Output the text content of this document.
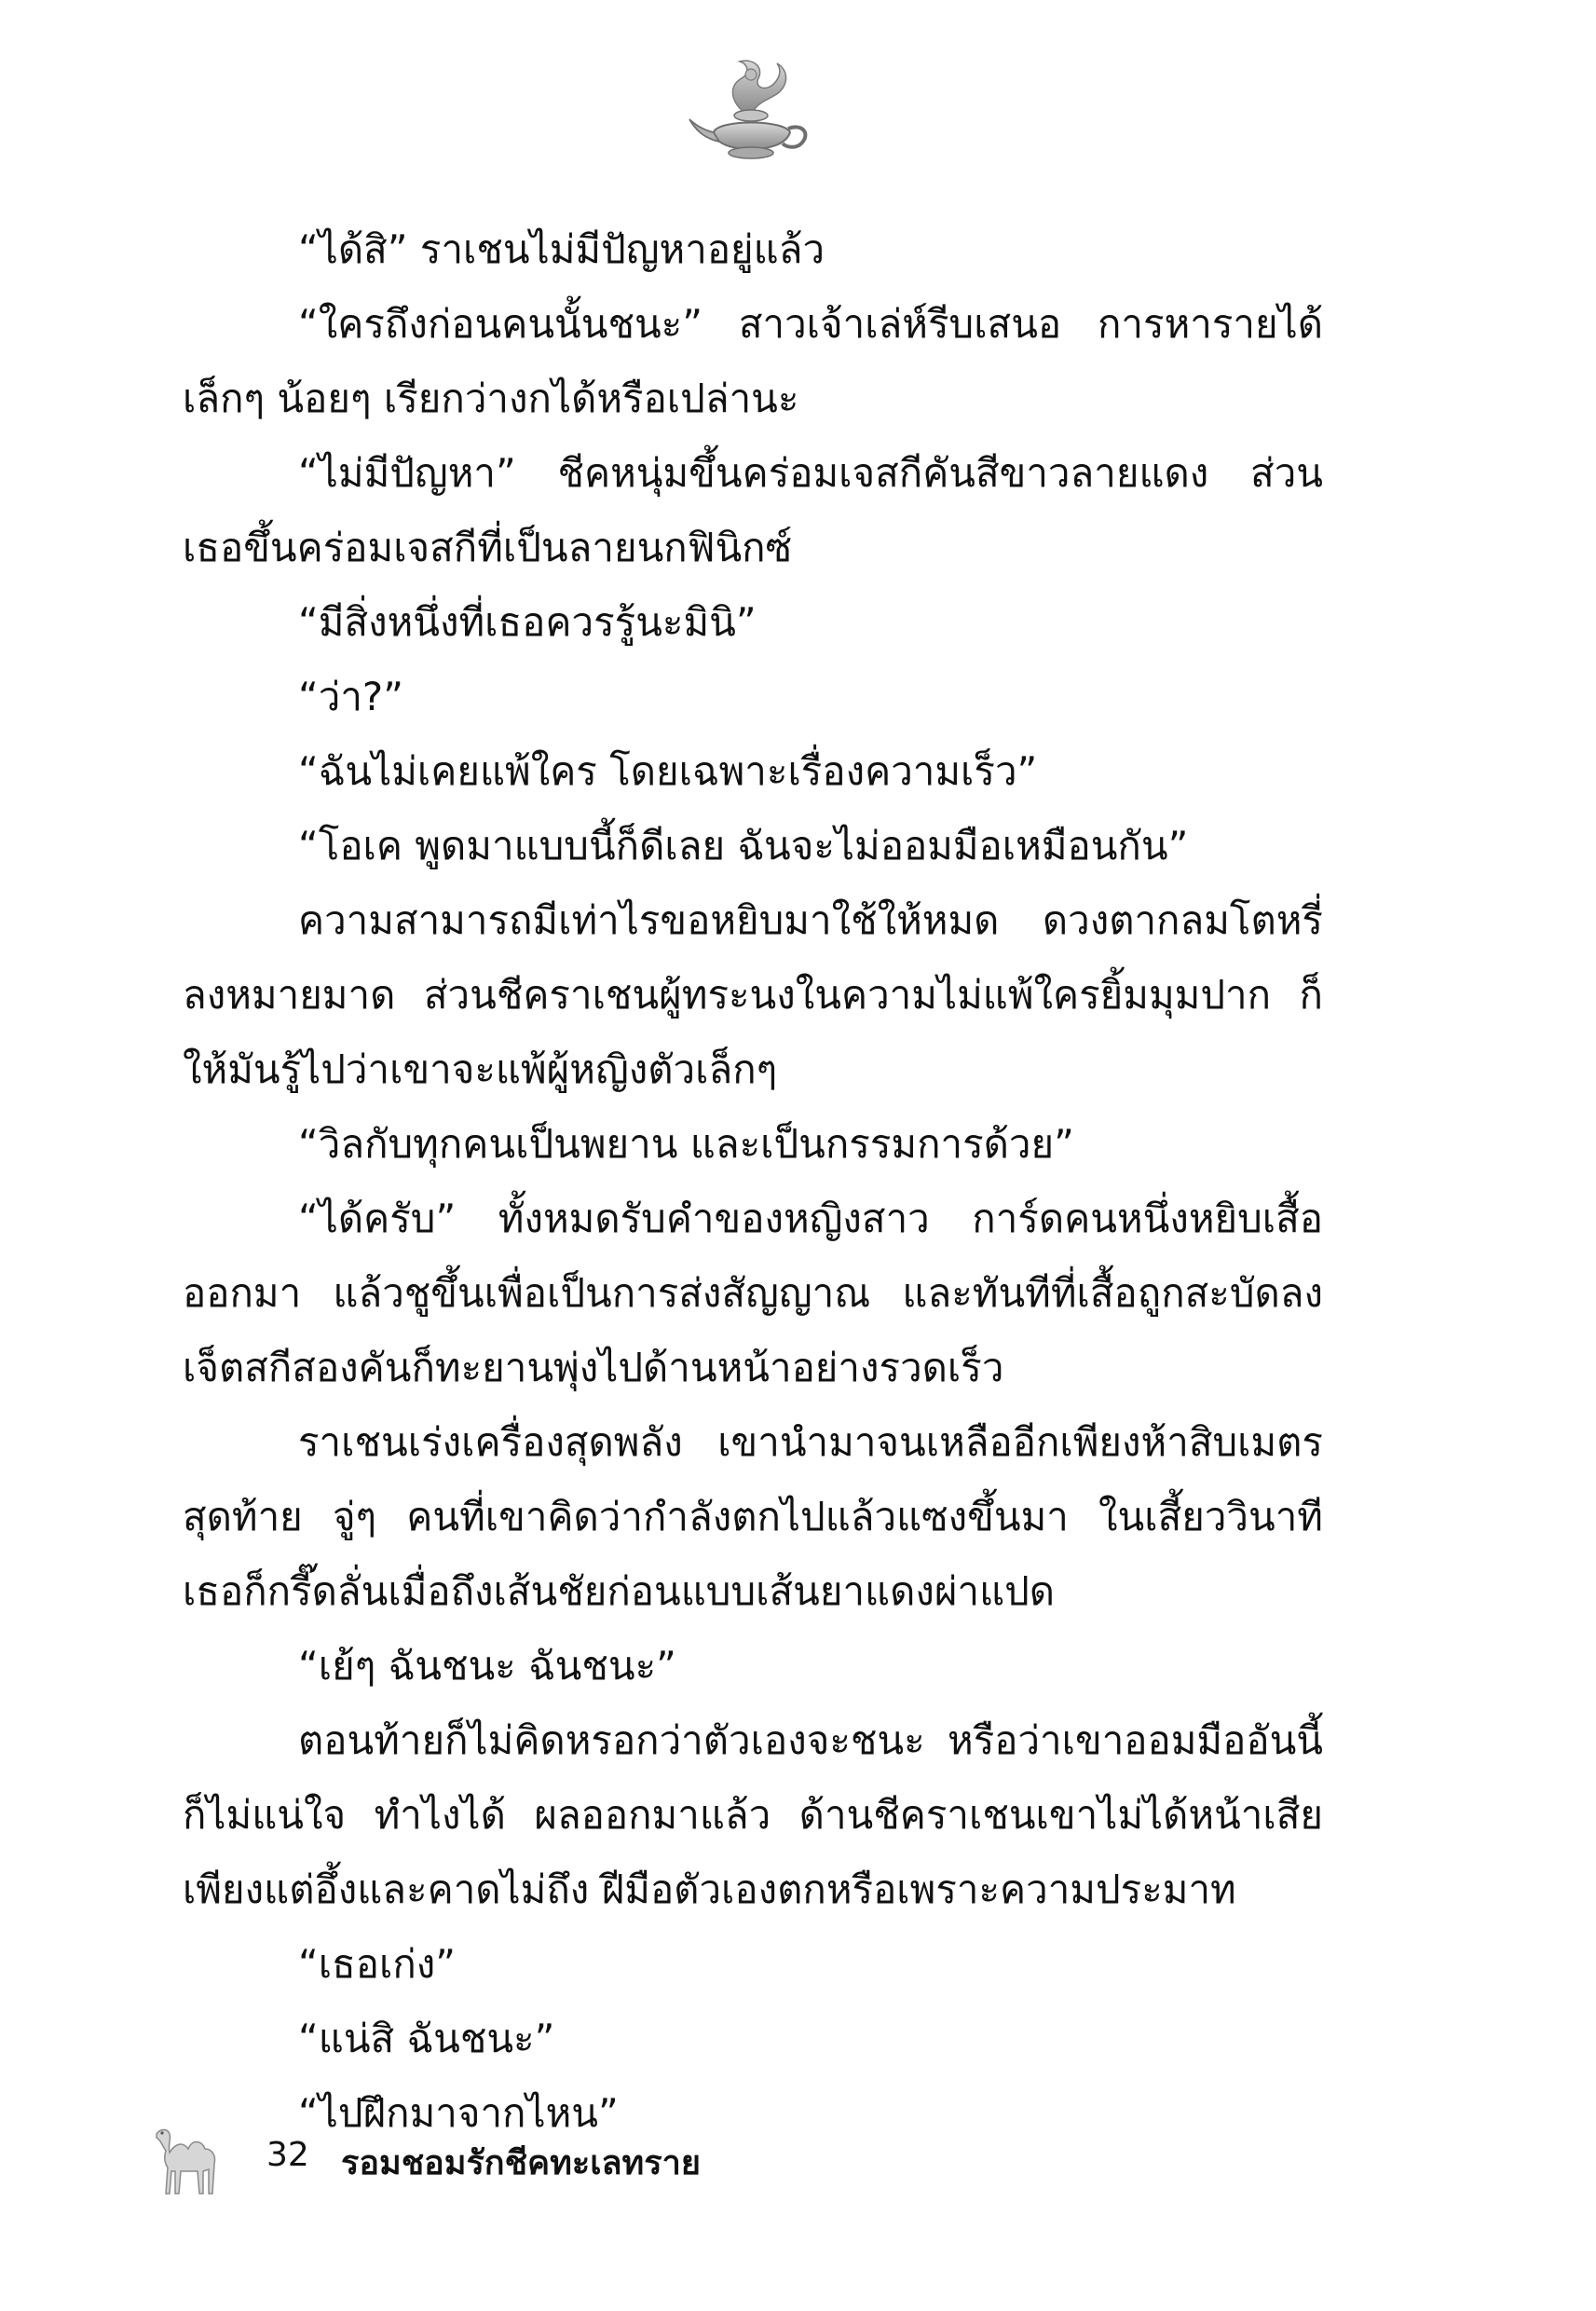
“ได้สิ” ราเชนไม่มีปัญหาอยู่แล้ว

“ใครถึงก่อนคนนั้นชนะ” สาวเจ้าเล่ห์รีบเสนอ การหารายได้เล็กๆ น้อยๆ เรียกว่างกได้หรือเปล่านะ

“ไม่มีปัญหา” ชีคหนุ่มขึ้นคร่อมเจสกีคันสีขาวลายแดง ส่วนเธอขึ้นคร่อมเจสกีที่เป็นลายนกฟินิกซ์

“มีสิ่งหนึ่งที่เธอควรรู้นะมินิ”

“ว่า?”

“ฉันไม่เคยแพ้ใคร โดยเฉพาะเรื่องความเร็ว”

“โอเค พูดมาแบบนี้ก็ดีเลย ฉันจะไม่ออมมือเหมือนกัน”

ความสามารถมีเท่าไรขอหยิบมาใช้ให้หมด ดวงตากลมโตหรี่ลงหมายมาด ส่วนชีคราเชนผู้ทระนงในความไม่แพ้ใครยิ้มมุมปาก ก็ให้มันรู้ไปว่าเขาจะแพ้ผู้หญิงตัวเล็กๆ

“วิลกับทุกคนเป็นพยาน และเป็นกรรมการด้วย”

“ได้ครับ” ทั้งหมดรับคำของหญิงสาว การ์ดคนหนึ่งหยิบเสื้อออกมา แล้วชูขึ้นเพื่อเป็นการส่งสัญญาณ และทันทีที่เสื้อถูกสะบัดลงเจ็ตสกีสองคันก็ทะยานพุ่งไปด้านหน้าอย่างรวดเร็ว

ราเชนเร่งเครื่องสุดพลัง เขานำมาจนเหลืออีกเพียงห้าสิบเมตรสุดท้าย จู่ๆ คนที่เขาคิดว่ากำลังตกไปแล้วแซงขึ้นมา ในเสี้ยววินาทีเธอก็กรี๊ดลั่นเมื่อถึงเส้นชัยก่อนแบบเส้นยาแดงผ่าแปด

“เย้ๆ ฉันชนะ ฉันชนะ”

ตอนท้ายก็ไม่คิดหรอกว่าตัวเองจะชนะ หรือว่าเขาออมมืออันนี้ก็ไม่แน่ใจ ทำไงได้ ผลออกมาแล้ว ด้านชีคราเชนเขาไม่ได้หน้าเสียเพียงแต่อึ้งและคาดไม่ถึง ฝีมือตัวเองตกหรือเพราะความประมาท

“เธอเก่ง”

“แน่สิ ฉันชนะ”

“ไปฝึกมาจากไหน”

32 รอมชอมรักชีคทะเลทราย
